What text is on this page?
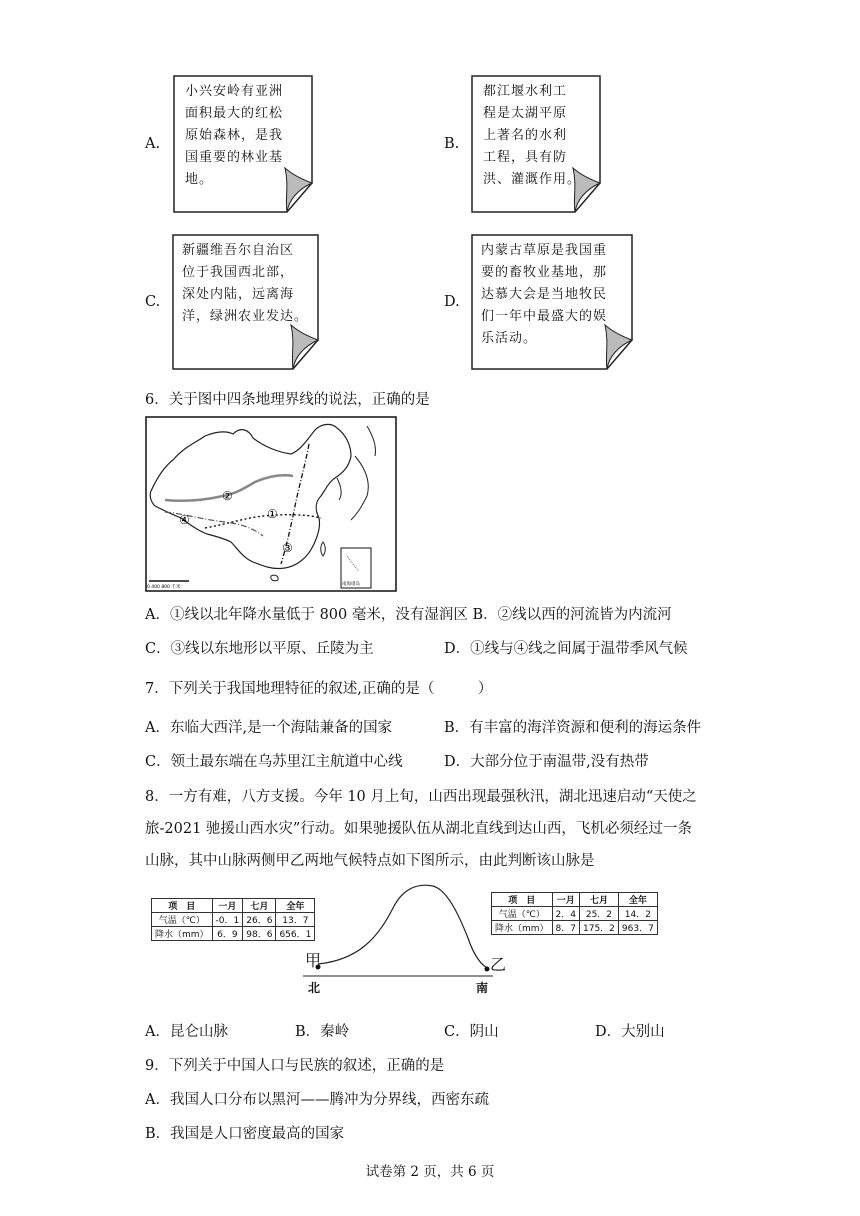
A.
小兴安岭有亚洲
面积最大的红松
原始森林，是我
国重要的林业基
地。
B.
都江堰水利工
程是太湖平原
上著名的水利
工程，具有防
洪、灌溉作用。
C.
新疆维吾尔自治区
位于我国西北部，
深处内陆，远离海
洋，绿洲农业发达。
D.
内蒙古草原是我国重
要的畜牧业基地，那
达慕大会是当地牧民
们一年中最盛大的娱
乐活动。
6．关于图中四条地理界线的说法，正确的是
②
①
③
④
0 400 800 千米
南海诸岛
A．①线以北年降水量低于 800 毫米，没有湿润区 B．②线以西的河流皆为内流河
C．③线以东地形以平原、丘陵为主	D．①线与④线之间属于温带季风气候
7．下列关于我国地理特征的叙述,正确的是（　　　）
A．东临大西洋,是一个海陆兼备的国家	B．有丰富的海洋资源和便利的海运条件
C．领土最东端在乌苏里江主航道中心线	D．大部分位于南温带,没有热带
8．一方有难，八方支援。今年 10 月上旬，山西出现最强秋汛，湖北迅速启动“天使之
旅-2021 驰援山西水灾”行动。如果驰援队伍从湖北直线到达山西，飞机必须经过一条
山脉，其中山脉两侧甲乙两地气候特点如下图所示，由此判断该山脉是
项　目	一月	七月	全年
气温（℃）	-0．1	26．6	13．7
降水（mm）	6．9	98．6	656．1
项　目	一月	七月	全年
气温（℃）	2．4	25．2	14．2
降水（mm）	8．7	175．2	963．7
甲	乙
北	南
A．昆仑山脉	B．秦岭	C．阴山	D．大别山
9．下列关于中国人口与民族的叙述，正确的是
A．我国人口分布以黑河——腾冲为分界线，西密东疏
B．我国是人口密度最高的国家
试卷第 2 页，共 6 页
